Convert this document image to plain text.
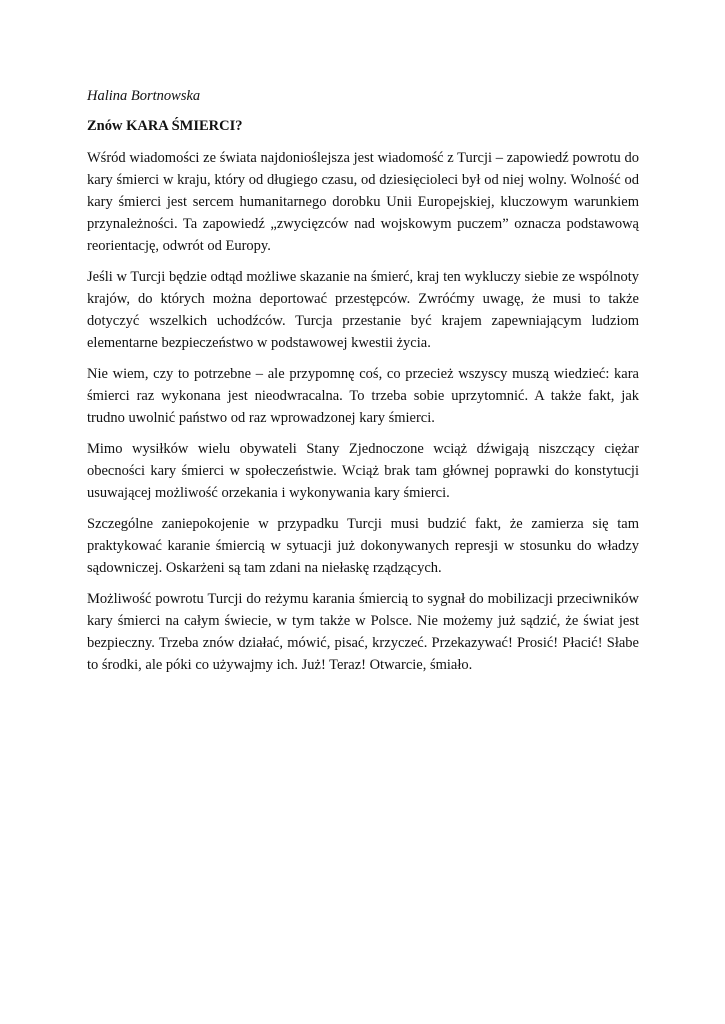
Halina Bortnowska

Znów KARA ŚMIERCI?

Wśród wiadomości ze świata najdonioślejsza jest wiadomość z Turcji – zapowiedź powrotu do kary śmierci w kraju, który od długiego czasu, od dziesięcioleci był od niej wolny. Wolność od kary śmierci jest sercem humanitarnego dorobku Unii Europejskiej, kluczowym warunkiem przynależności. Ta zapowiedź „zwycięzców nad wojskowym puczem” oznacza podstawową reorientację, odwrót od Europy.

Jeśli w Turcji będzie odtąd możliwe skazanie na śmierć, kraj ten wykluczy siebie ze wspólnoty krajów, do których można deportować przestępców. Zwróćmy uwagę, że musi to także dotyczyć wszelkich uchodźców. Turcja przestanie być krajem zapewniającym ludziom elementarne bezpieczeństwo w podstawowej kwestii życia.

Nie wiem, czy to potrzebne – ale przypomnę coś, co przecież wszyscy muszą wiedzieć: kara śmierci raz wykonana jest nieodwracalna. To trzeba sobie uprzytomnić. A także fakt, jak trudno uwolnić państwo od raz wprowadzonej kary śmierci.

Mimo wysiłków wielu obywateli Stany Zjednoczone wciąż dźwigają niszczący ciężar obecności kary śmierci w społeczeństwie. Wciąż brak tam głównej poprawki do konstytucji usuwającej możliwość orzekania i wykonywania kary śmierci.

Szczególne zaniepokojenie w przypadku Turcji musi budzić fakt, że zamierza się tam praktykować karanie śmiercią w sytuacji już dokonywanych represji w stosunku do władzy sądowniczej. Oskarżeni są tam zdani na niełaskę rządzących.

Możliwość powrotu Turcji do reżymu karania śmiercią to sygnał do mobilizacji przeciwników kary śmierci na całym świecie, w tym także w Polsce. Nie możemy już sądzić, że świat jest bezpieczny. Trzeba znów działać, mówić, pisać, krzyczeć. Przekazywać! Prosić! Płacić! Słabe to środki, ale póki co używajmy ich. Już! Teraz! Otwarcie, śmiało.
